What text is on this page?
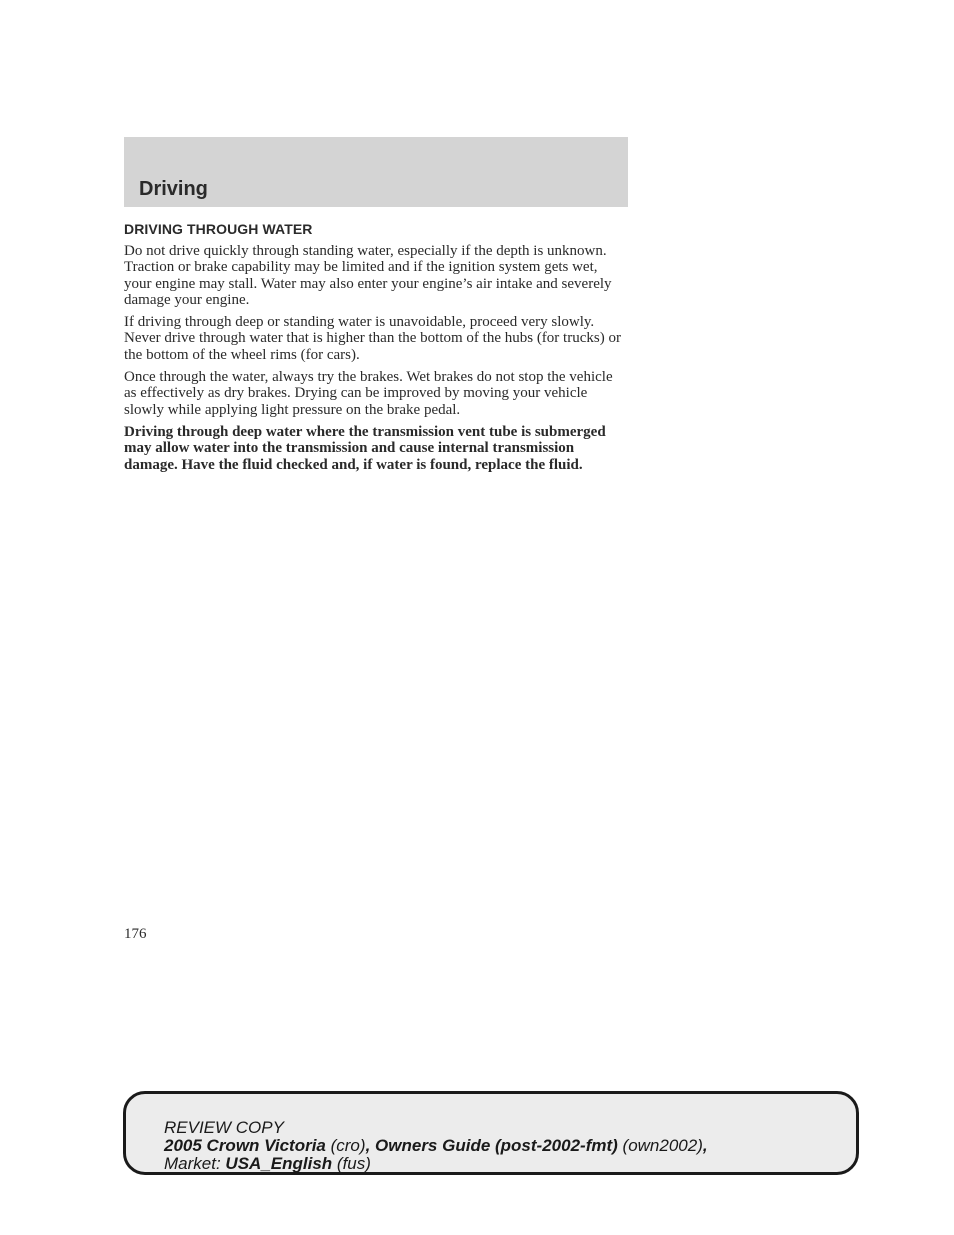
Driving
DRIVING THROUGH WATER

Do not drive quickly through standing water, especially if the depth is unknown. Traction or brake capability may be limited and if the ignition system gets wet, your engine may stall. Water may also enter your engine’s air intake and severely damage your engine.

If driving through deep or standing water is unavoidable, proceed very slowly. Never drive through water that is higher than the bottom of the hubs (for trucks) or the bottom of the wheel rims (for cars).

Once through the water, always try the brakes. Wet brakes do not stop the vehicle as effectively as dry brakes. Drying can be improved by moving your vehicle slowly while applying light pressure on the brake pedal.

Driving through deep water where the transmission vent tube is submerged may allow water into the transmission and cause internal transmission damage. Have the fluid checked and, if water is found, replace the fluid.

176
REVIEW COPY
2005 Crown Victoria (cro), Owners Guide (post-2002-fmt) (own2002),
Market: USA_English (fus)
